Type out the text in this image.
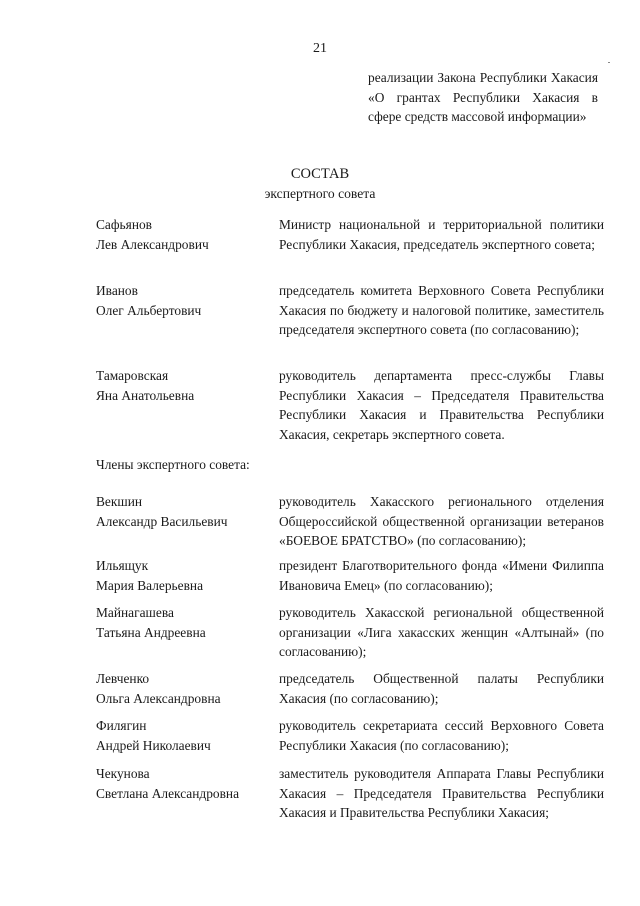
21
реализации Закона Республики Хакасия «О грантах Республики Хакасия в сфере средств массовой информации»
СОСТАВ
экспертного совета
Сафьянов
Лев Александрович
Министр национальной и территориальной политики Республики Хакасия, председатель экспертного совета;
Иванов
Олег Альбертович
председатель комитета Верховного Совета Республики Хакасия по бюджету и налоговой политике, заместитель председателя экспертного совета (по согласованию);
Тамаровская
Яна Анатольевна
руководитель департамента пресс-службы Главы Республики Хакасия – Председателя Правительства Республики Хакасия и Правительства Республики Хакасия, секретарь экспертного совета.
Члены экспертного совета:
Векшин
Александр Васильевич
руководитель Хакасского регионального отделения Общероссийской общественной организации ветеранов «БОЕВОЕ БРАТСТВО» (по согласованию);
Ильящук
Мария Валерьевна
президент Благотворительного фонда «Имени Филиппа Ивановича Емец» (по согласованию);
Майнагашева
Татьяна Андреевна
руководитель Хакасской региональной общественной организации «Лига хакасских женщин «Алтынай» (по согласованию);
Левченко
Ольга Александровна
председатель Общественной палаты Республики Хакасия (по согласованию);
Филягин
Андрей Николаевич
руководитель секретариата сессий Верховного Совета Республики Хакасия (по согласованию);
Чекунова
Светлана Александровна
заместитель руководителя Аппарата Главы Республики Хакасия – Председателя Правительства Республики Хакасия и Правительства Республики Хакасия;
